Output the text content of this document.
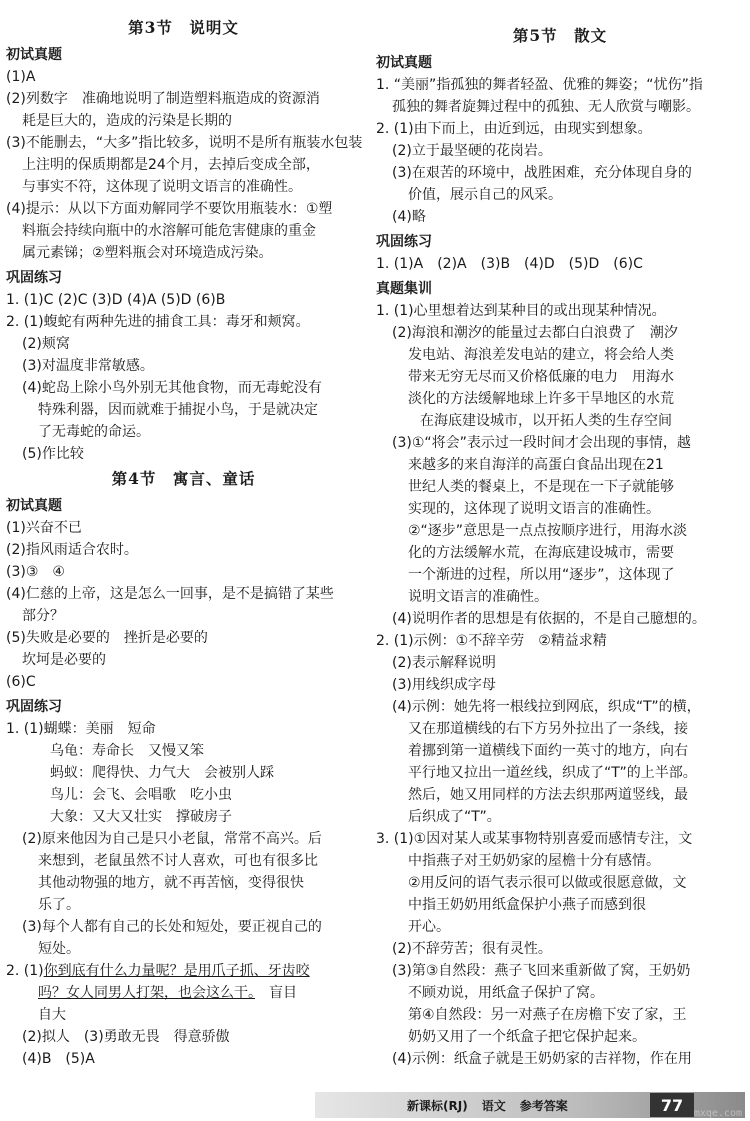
第3节　说明文
初试真题
(1)A
(2)列数字　准确地说明了制造塑料瓶造成的资源消
耗是巨大的，造成的污染是长期的
(3)不能删去，“大多”指比较多，说明不是所有瓶装水包装
上注明的保质期都是24个月，去掉后变成全部，
与事实不符，这体现了说明文语言的准确性。
(4)提示：从以下方面劝解同学不要饮用瓶装水：①塑
料瓶会持续向瓶中的水溶解可能危害健康的重金
属元素锑；②塑料瓶会对环境造成污染。
巩固练习
1. (1)C (2)C (3)D (4)A (5)D (6)B
2. (1)蝮蛇有两种先进的捕食工具：毒牙和颊窝。
(2)颊窝
(3)对温度非常敏感。
(4)蛇岛上除小鸟外别无其他食物，而无毒蛇没有
特殊利器，因而就难于捕捉小鸟，于是就决定
了无毒蛇的命运。
(5)作比较
第4节　寓言、童话
初试真题
(1)兴奋不已
(2)指风雨适合农时。
(3)③　④
(4)仁慈的上帝，这是怎么一回事，是不是搞错了某些
部分？
(5)失败是必要的　挫折是必要的
坎坷是必要的
(6)C
巩固练习
1. (1)蝴蝶：美丽　短命
乌龟：寿命长　又慢又笨
蚂蚁：爬得快、力气大　会被别人踩
鸟儿：会飞、会唱歌　吃小虫
大象：又大又壮实　撑破房子
(2)原来他因为自己是只小老鼠，常常不高兴。后
来想到，老鼠虽然不讨人喜欢，可也有很多比
其他动物强的地方，就不再苦恼，变得很快
乐了。
(3)每个人都有自己的长处和短处，要正视自己的
短处。
2. (1)你到底有什么力量呢？是用爪子抓、牙齿咬
吗？女人同男人打架，也会这么干。　盲目
自大
(2)拟人　(3)勇敢无畏　得意骄傲
(4)B　(5)A
第5节　散文
初试真题
1. “美丽”指孤独的舞者轻盈、优雅的舞姿；“忧伤”指
孤独的舞者旋舞过程中的孤独、无人欣赏与嘲影。
2. (1)由下而上，由近到远，由现实到想象。
(2)立于最坚硬的花岗岩。
(3)在艰苦的环境中，战胜困难，充分体现自身的
价值，展示自己的风采。
(4)略
巩固练习
1. (1)A　(2)A　(3)B　(4)D　(5)D　(6)C
真题集训
1. (1)心里想着达到某种目的或出现某种情况。
(2)海浪和潮汐的能量过去都白白浪费了　潮汐
发电站、海浪差发电站的建立，将会给人类
带来无穷无尽而又价格低廉的电力　用海水
淡化的方法缓解地球上许多干旱地区的水荒
在海底建设城市，以开拓人类的生存空间
(3)①“将会”表示过一段时间才会出现的事情，越
来越多的来自海洋的高蛋白食品出现在21
世纪人类的餐桌上，不是现在一下子就能够
实现的，这体现了说明文语言的准确性。
②“逐步”意思是一点点按顺序进行，用海水淡
化的方法缓解水荒，在海底建设城市，需要
一个渐进的过程，所以用“逐步”，这体现了
说明文语言的准确性。
(4)说明作者的思想是有依据的，不是自己臆想的。
2. (1)示例：①不辞辛劳　②精益求精
(2)表示解释说明
(3)用线织成字母
(4)示例：她先将一根线拉到网底，织成“T”的横，
又在那道横线的右下方另外拉出了一条线，接
着挪到第一道横线下面约一英寸的地方，向右
平行地又拉出一道丝线，织成了“T”的上半部。
然后，她又用同样的方法去织那两道竖线，最
后织成了“T”。
3. (1)①因对某人或某事物特别喜爱而感情专注，文
中指燕子对王奶奶家的屋檐十分有感情。
②用反问的语气表示很可以做或很愿意做，文
中指王奶奶用纸盒保护小燕子而感到很
开心。
(2)不辞劳苦；很有灵性。
(3)第③自然段：燕子飞回来重新做了窝，王奶奶
不顾劝说，用纸盒子保护了窝。
第④自然段：另一对燕子在房檐下安了家，王
奶奶又用了一个纸盒子把它保护起来。
(4)示例：纸盒子就是王奶奶家的吉祥物，作在用
新课标(RJ) 语文 参考答案	77	mxqe.com
